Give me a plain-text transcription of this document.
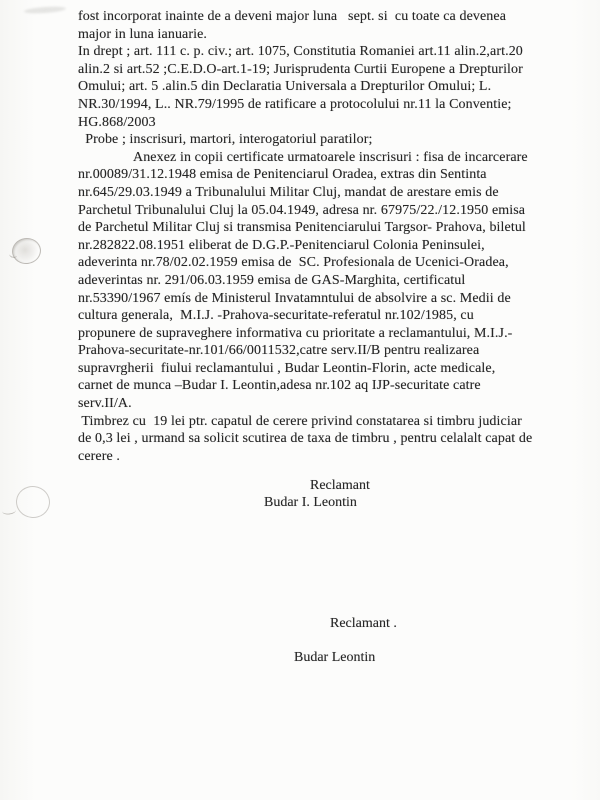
fost incorporat inainte de a deveni major luna   sept. si  cu toate ca devenea
major in luna ianuarie.
In drept ; art. 111 c. p. civ.; art. 1075, Constitutia Romaniei art.11 alin.2,art.20
alin.2 si art.52 ;C.E.D.O-art.1-19; Jurisprudenta Curtii Europene a Drepturilor
Omului; art. 5 .alin.5 din Declaratia Universala a Drepturilor Omului; L.
NR.30/1994, L.. NR.79/1995 de ratificare a protocolului nr.11 la Conventie;
HG.868/2003
Probe ; inscrisuri, martori, interogatoriul paratilor;
Anexez in copii certificate urmatoarele inscrisuri : fisa de incarcerare
nr.00089/31.12.1948 emisa de Penitenciarul Oradea, extras din Sentinta
nr.645/29.03.1949 a Tribunalului Militar Cluj, mandat de arestare emis de
Parchetul Tribunalului Cluj la 05.04.1949, adresa nr. 67975/22./12.1950 emisa
de Parchetul Militar Cluj si transmisa Penitenciarului Targsor- Prahova, biletul
nr.282822.08.1951 eliberat de D.G.P.-Penitenciarul Colonia Peninsulei,
adeverinta nr.78/02.02.1959 emisa de  SC. Profesionala de Ucenici-Oradea,
adeverintas nr. 291/06.03.1959 emisa de GAS-Marghita, certificatul
nr.53390/1967 emís de Ministerul Invatamntului de absolvire a sc. Medii de
cultura generala,  M.I.J. -Prahova-securitate-referatul nr.102/1985, cu
propunere de supraveghere informativa cu prioritate a reclamantului, M.I.J.-
Prahova-securitate-nr.101/66/0011532,catre serv.II/B pentru realizarea
supravrgherii  fiului reclamantului , Budar Leontin-Florin, acte medicale,
carnet de munca –Budar I. Leontin,adesa nr.102 aq IJP-securitate catre
serv.II/A.
Timbrez cu  19 lei ptr. capatul de cerere privind constatarea si timbru judiciar
de 0,3 lei , urmand sa solicit scutirea de taxa de timbru , pentru celalalt capat de
cerere .
Reclamant
Budar I. Leontin
Reclamant .
Budar Leontin
